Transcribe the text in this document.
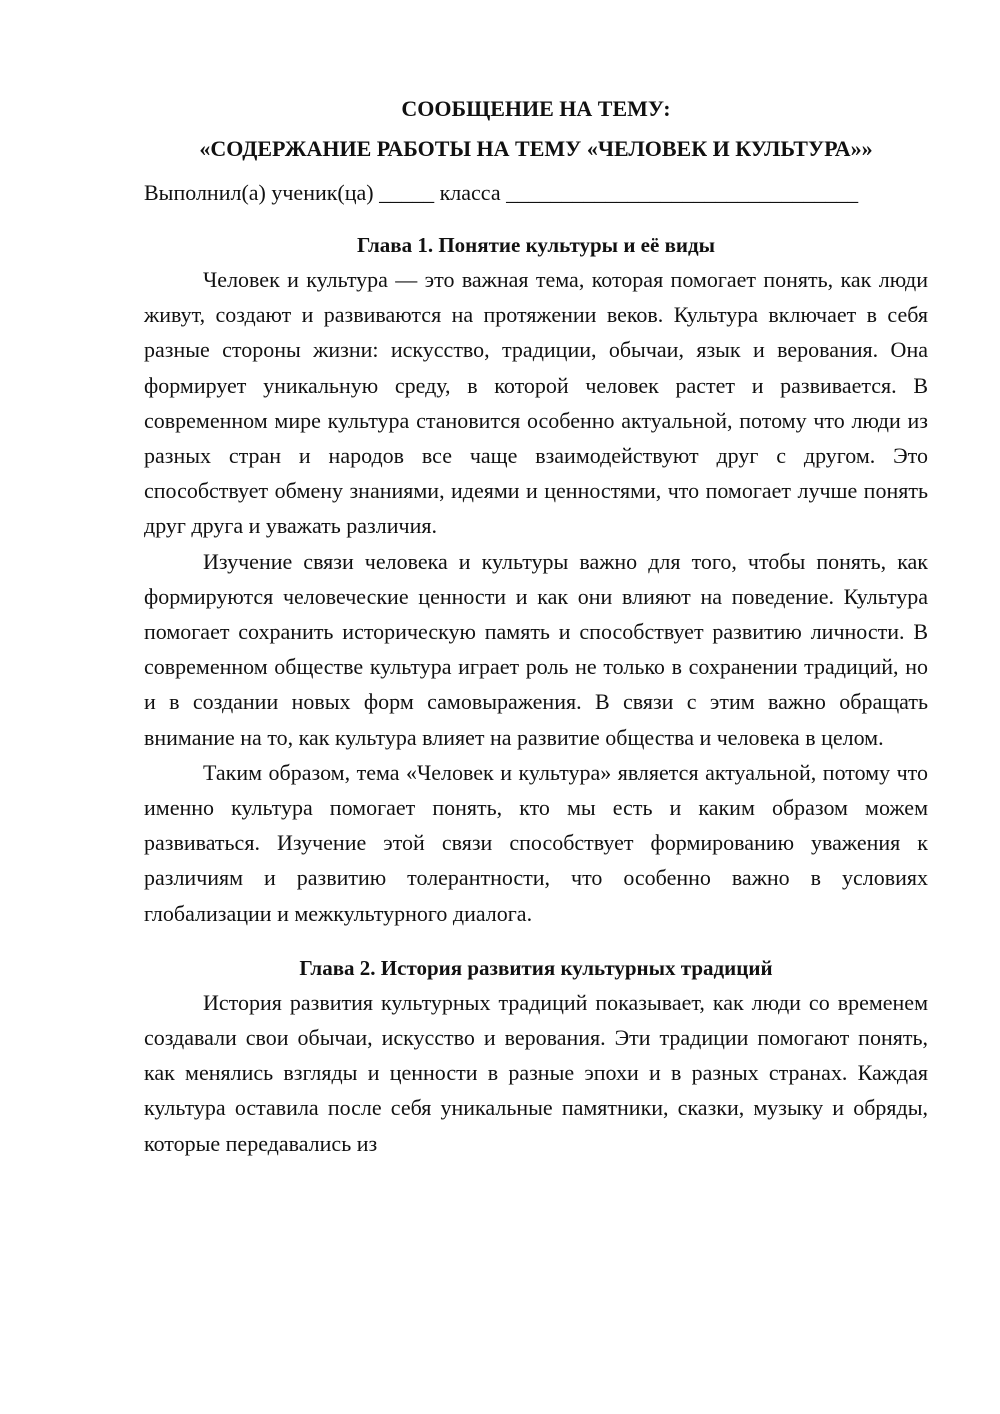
СООБЩЕНИЕ НА ТЕМУ:
«СОДЕРЖАНИЕ РАБОТЫ НА ТЕМУ «ЧЕЛОВЕК И КУЛЬТУРА»»
Выполнил(а) ученик(ца) _____ класса ________________________________
Глава 1. Понятие культуры и её виды

Человек и культура — это важная тема, которая помогает понять, как люди живут, создают и развиваются на протяжении веков. Культура включает в себя разные стороны жизни: искусство, традиции, обычаи, язык и верования. Она формирует уникальную среду, в которой человек растет и развивается. В современном мире культура становится особенно актуальной, потому что люди из разных стран и народов все чаще взаимодействуют друг с другом. Это способствует обмену знаниями, идеями и ценностями, что помогает лучше понять друг друга и уважать различия.

Изучение связи человека и культуры важно для того, чтобы понять, как формируются человеческие ценности и как они влияют на поведение. Культура помогает сохранить историческую память и способствует развитию личности. В современном обществе культура играет роль не только в сохранении традиций, но и в создании новых форм самовыражения. В связи с этим важно обращать внимание на то, как культура влияет на развитие общества и человека в целом.

Таким образом, тема «Человек и культура» является актуальной, потому что именно культура помогает понять, кто мы есть и каким образом можем развиваться. Изучение этой связи способствует формированию уважения к различиям и развитию толерантности, что особенно важно в условиях глобализации и межкультурного диалога.

Глава 2. История развития культурных традиций

История развития культурных традиций показывает, как люди со временем создавали свои обычаи, искусство и верования. Эти традиции помогают понять, как менялись взгляды и ценности в разные эпохи и в разных странах. Каждая культура оставила после себя уникальные памятники, сказки, музыку и обряды, которые передавались из
